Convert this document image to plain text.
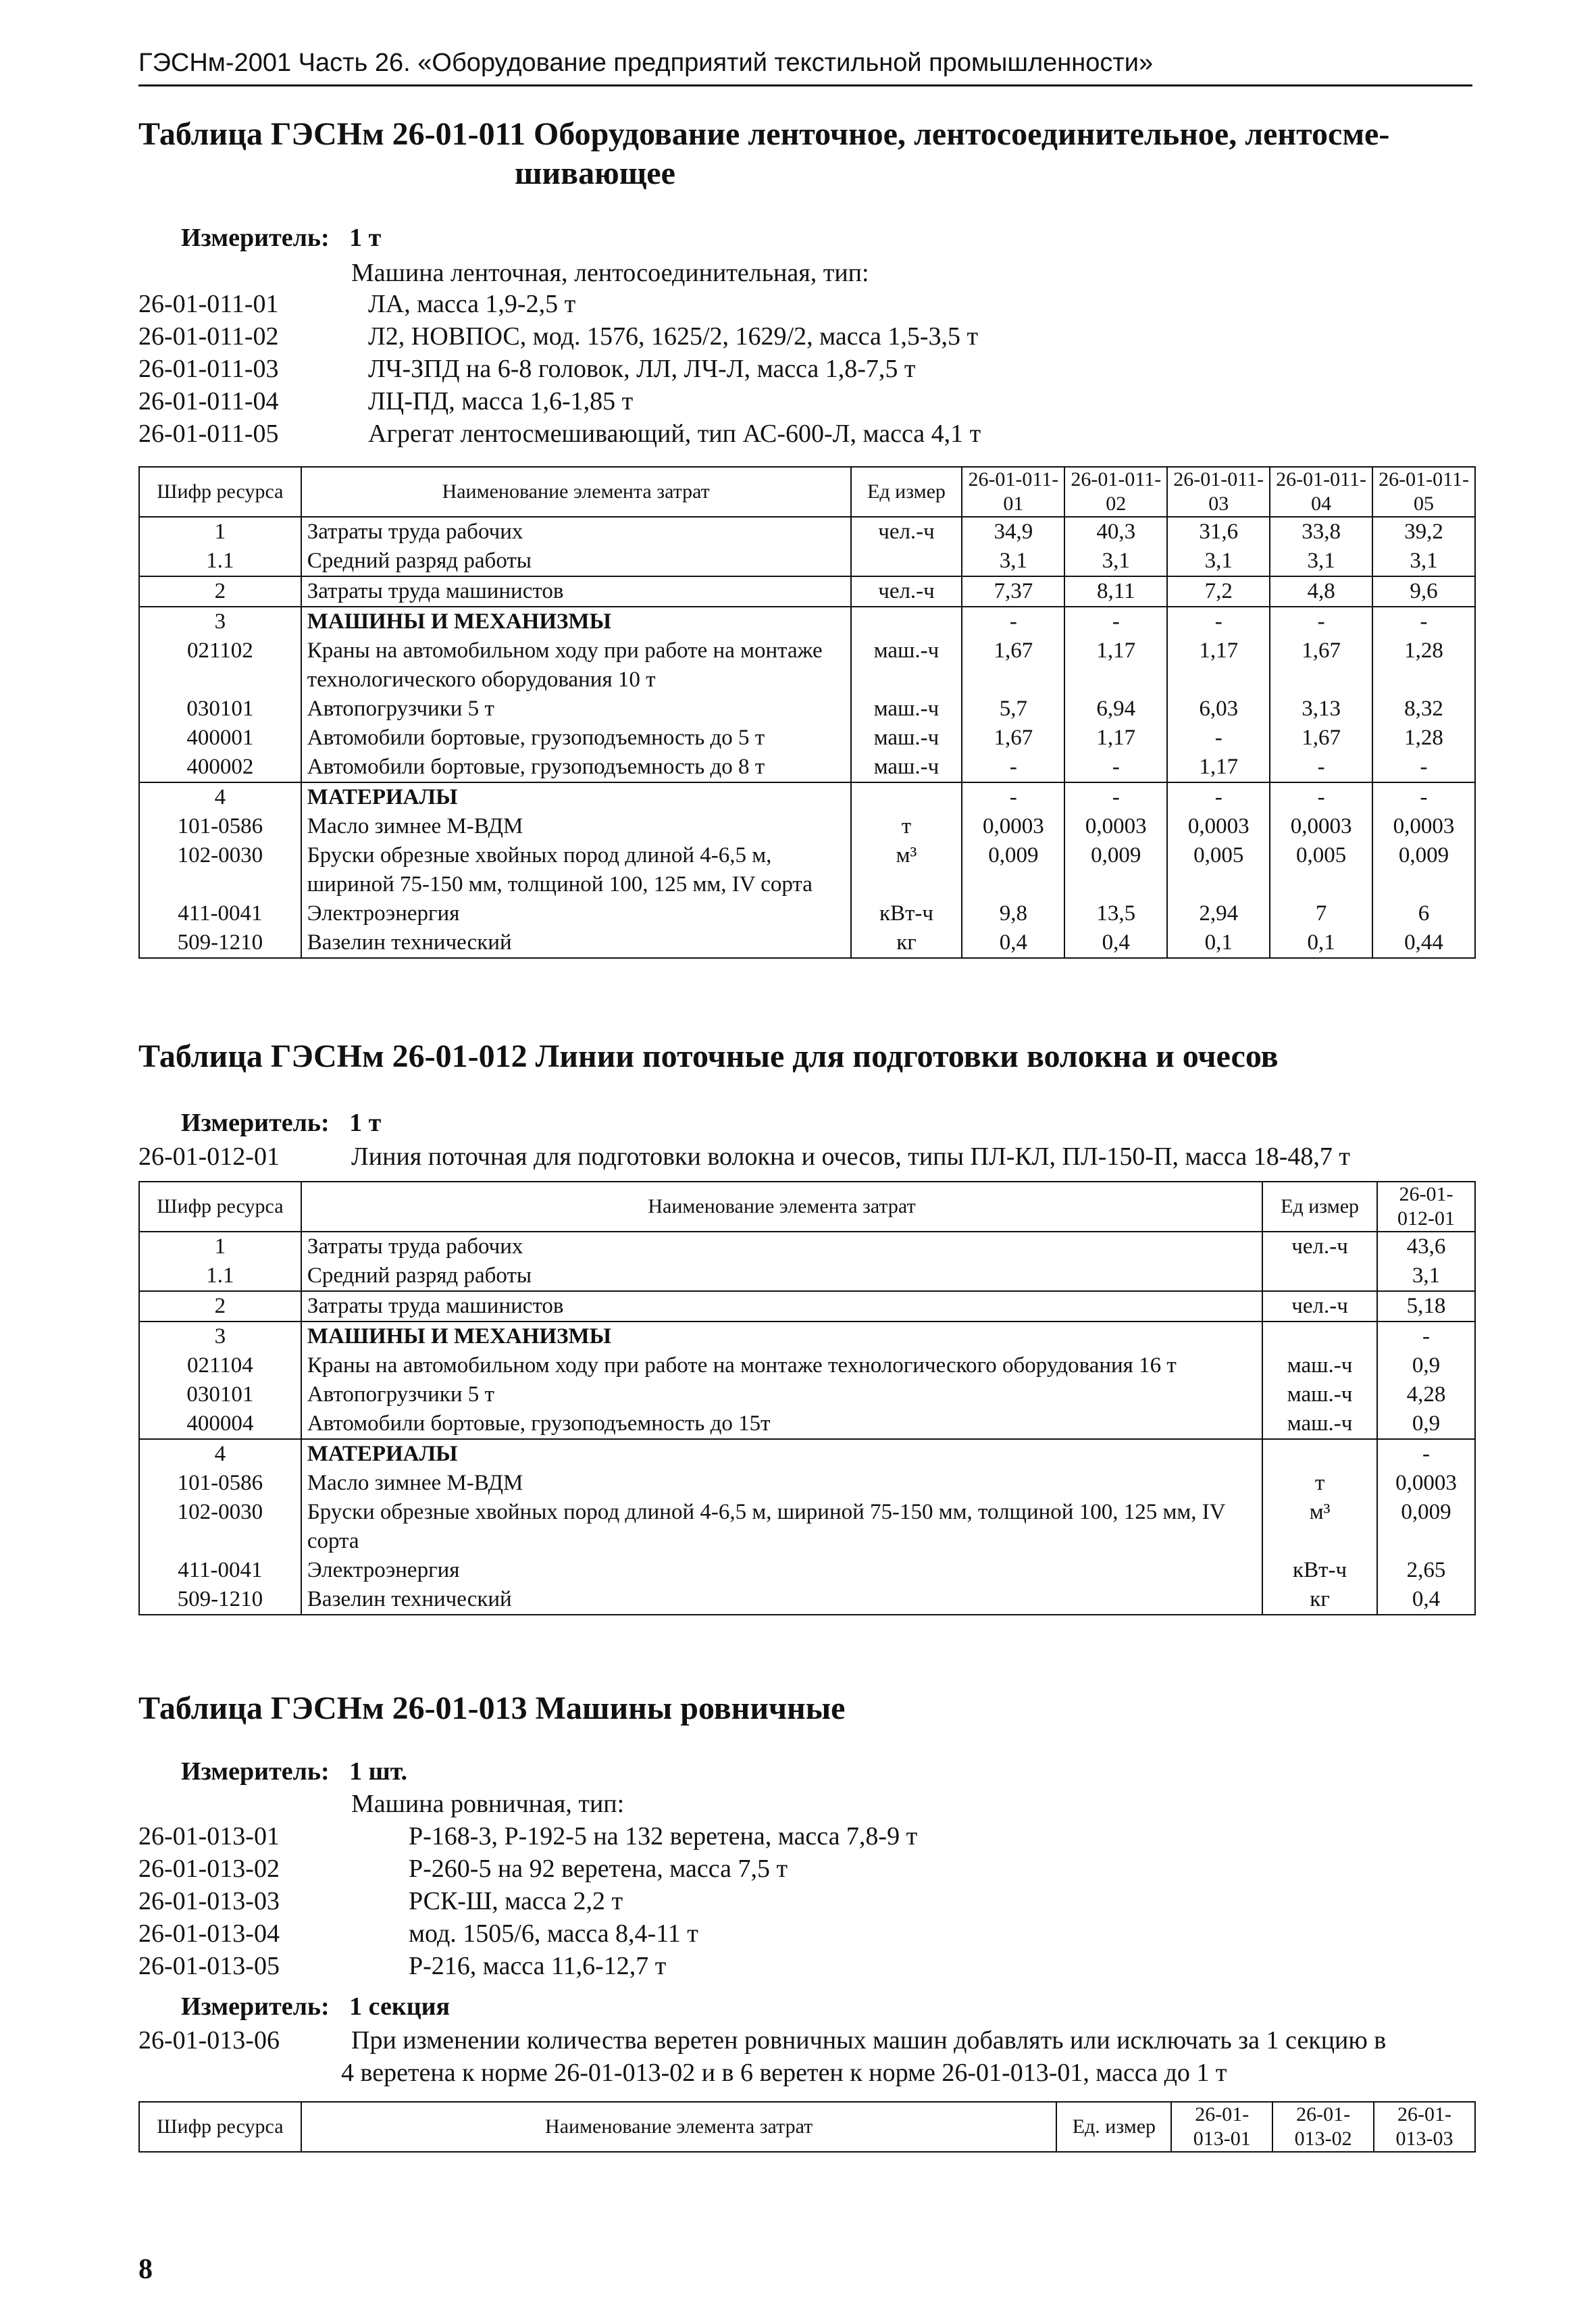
ГЭСНм-2001 Часть 26. «Оборудование предприятий текстильной промышленности»
Таблица ГЭСНм 26-01-011 Оборудование ленточное, лентосоединительное, лентосме-
шивающее
Измеритель: 1 т
Машина ленточная, лентосоединительная, тип:
26-01-011-01	ЛА, масса 1,9-2,5 т
26-01-011-02	Л2, НОВПОС, мод. 1576, 1625/2, 1629/2, масса 1,5-3,5 т
26-01-011-03	ЛЧ-ЗПД на 6-8 головок, ЛЛ, ЛЧ-Л, масса 1,8-7,5 т
26-01-011-04	ЛЦ-ПД, масса 1,6-1,85 т
26-01-011-05	Агрегат лентосмешивающий, тип АС-600-Л, масса 4,1 т
Шифр ресурса	Наименование элемента затрат	Ед измер	26-01-011-01	26-01-011-02	26-01-011-03	26-01-011-04	26-01-011-05
1	Затраты труда рабочих	чел.-ч	34,9	40,3	31,6	33,8	39,2
1.1	Средний разряд работы		3,1	3,1	3,1	3,1	3,1
2	Затраты труда машинистов	чел.-ч	7,37	8,11	7,2	4,8	9,6
3	МАШИНЫ И МЕХАНИЗМЫ		-	-	-	-	-
021102	Краны на автомобильном ходу при работе на монтаже технологического оборудования 10 т	маш.-ч	1,67	1,17	1,17	1,67	1,28
030101	Автопогрузчики 5 т	маш.-ч	5,7	6,94	6,03	3,13	8,32
400001	Автомобили бортовые, грузоподъемность до 5 т	маш.-ч	1,67	1,17	-	1,67	1,28
400002	Автомобили бортовые, грузоподъемность до 8 т	маш.-ч	-	-	1,17	-	-
4	МАТЕРИАЛЫ		-	-	-	-	-
101-0586	Масло зимнее М-ВДМ	т	0,0003	0,0003	0,0003	0,0003	0,0003
102-0030	Бруски обрезные хвойных пород длиной 4-6,5 м, шириной 75-150 мм, толщиной 100, 125 мм, IV сорта	м³	0,009	0,009	0,005	0,005	0,009
411-0041	Электроэнергия	кВт-ч	9,8	13,5	2,94	7	6
509-1210	Вазелин технический	кг	0,4	0,4	0,1	0,1	0,44
Таблица ГЭСНм 26-01-012 Линии поточные для подготовки волокна и очесов
Измеритель: 1 т
26-01-012-01	Линия поточная для подготовки волокна и очесов, типы ПЛ-КЛ, ПЛ-150-П, масса 18-48,7 т
Шифр ресурса	Наименование элемента затрат	Ед измер	26-01-012-01
1	Затраты труда рабочих	чел.-ч	43,6
1.1	Средний разряд работы		3,1
2	Затраты труда машинистов	чел.-ч	5,18
3	МАШИНЫ И МЕХАНИЗМЫ		-
021104	Краны на автомобильном ходу при работе на монтаже технологического оборудования 16 т	маш.-ч	0,9
030101	Автопогрузчики 5 т	маш.-ч	4,28
400004	Автомобили бортовые, грузоподъемность до 15т	маш.-ч	0,9
4	МАТЕРИАЛЫ		-
101-0586	Масло зимнее М-ВДМ	т	0,0003
102-0030	Бруски обрезные хвойных пород длиной 4-6,5 м, шириной 75-150 мм, толщиной 100, 125 мм, IV сорта	м³	0,009
411-0041	Электроэнергия	кВт-ч	2,65
509-1210	Вазелин технический	кг	0,4
Таблица ГЭСНм 26-01-013 Машины ровничные
Измеритель: 1 шт.
Машина ровничная, тип:
26-01-013-01	Р-168-3, Р-192-5 на 132 веретена, масса 7,8-9 т
26-01-013-02	Р-260-5 на 92 веретена, масса 7,5 т
26-01-013-03	РСК-Ш, масса 2,2 т
26-01-013-04	мод. 1505/6, масса 8,4-11 т
26-01-013-05	Р-216, масса 11,6-12,7 т
Измеритель: 1 секция
26-01-013-06	При изменении количества веретен ровничных машин добавлять или исключать за 1 секцию в
4 веретена к норме 26-01-013-02 и в 6 веретен к норме 26-01-013-01, масса до 1 т
Шифр ресурса	Наименование элемента затрат	Ед. измер	26-01-013-01	26-01-013-02	26-01-013-03
8
